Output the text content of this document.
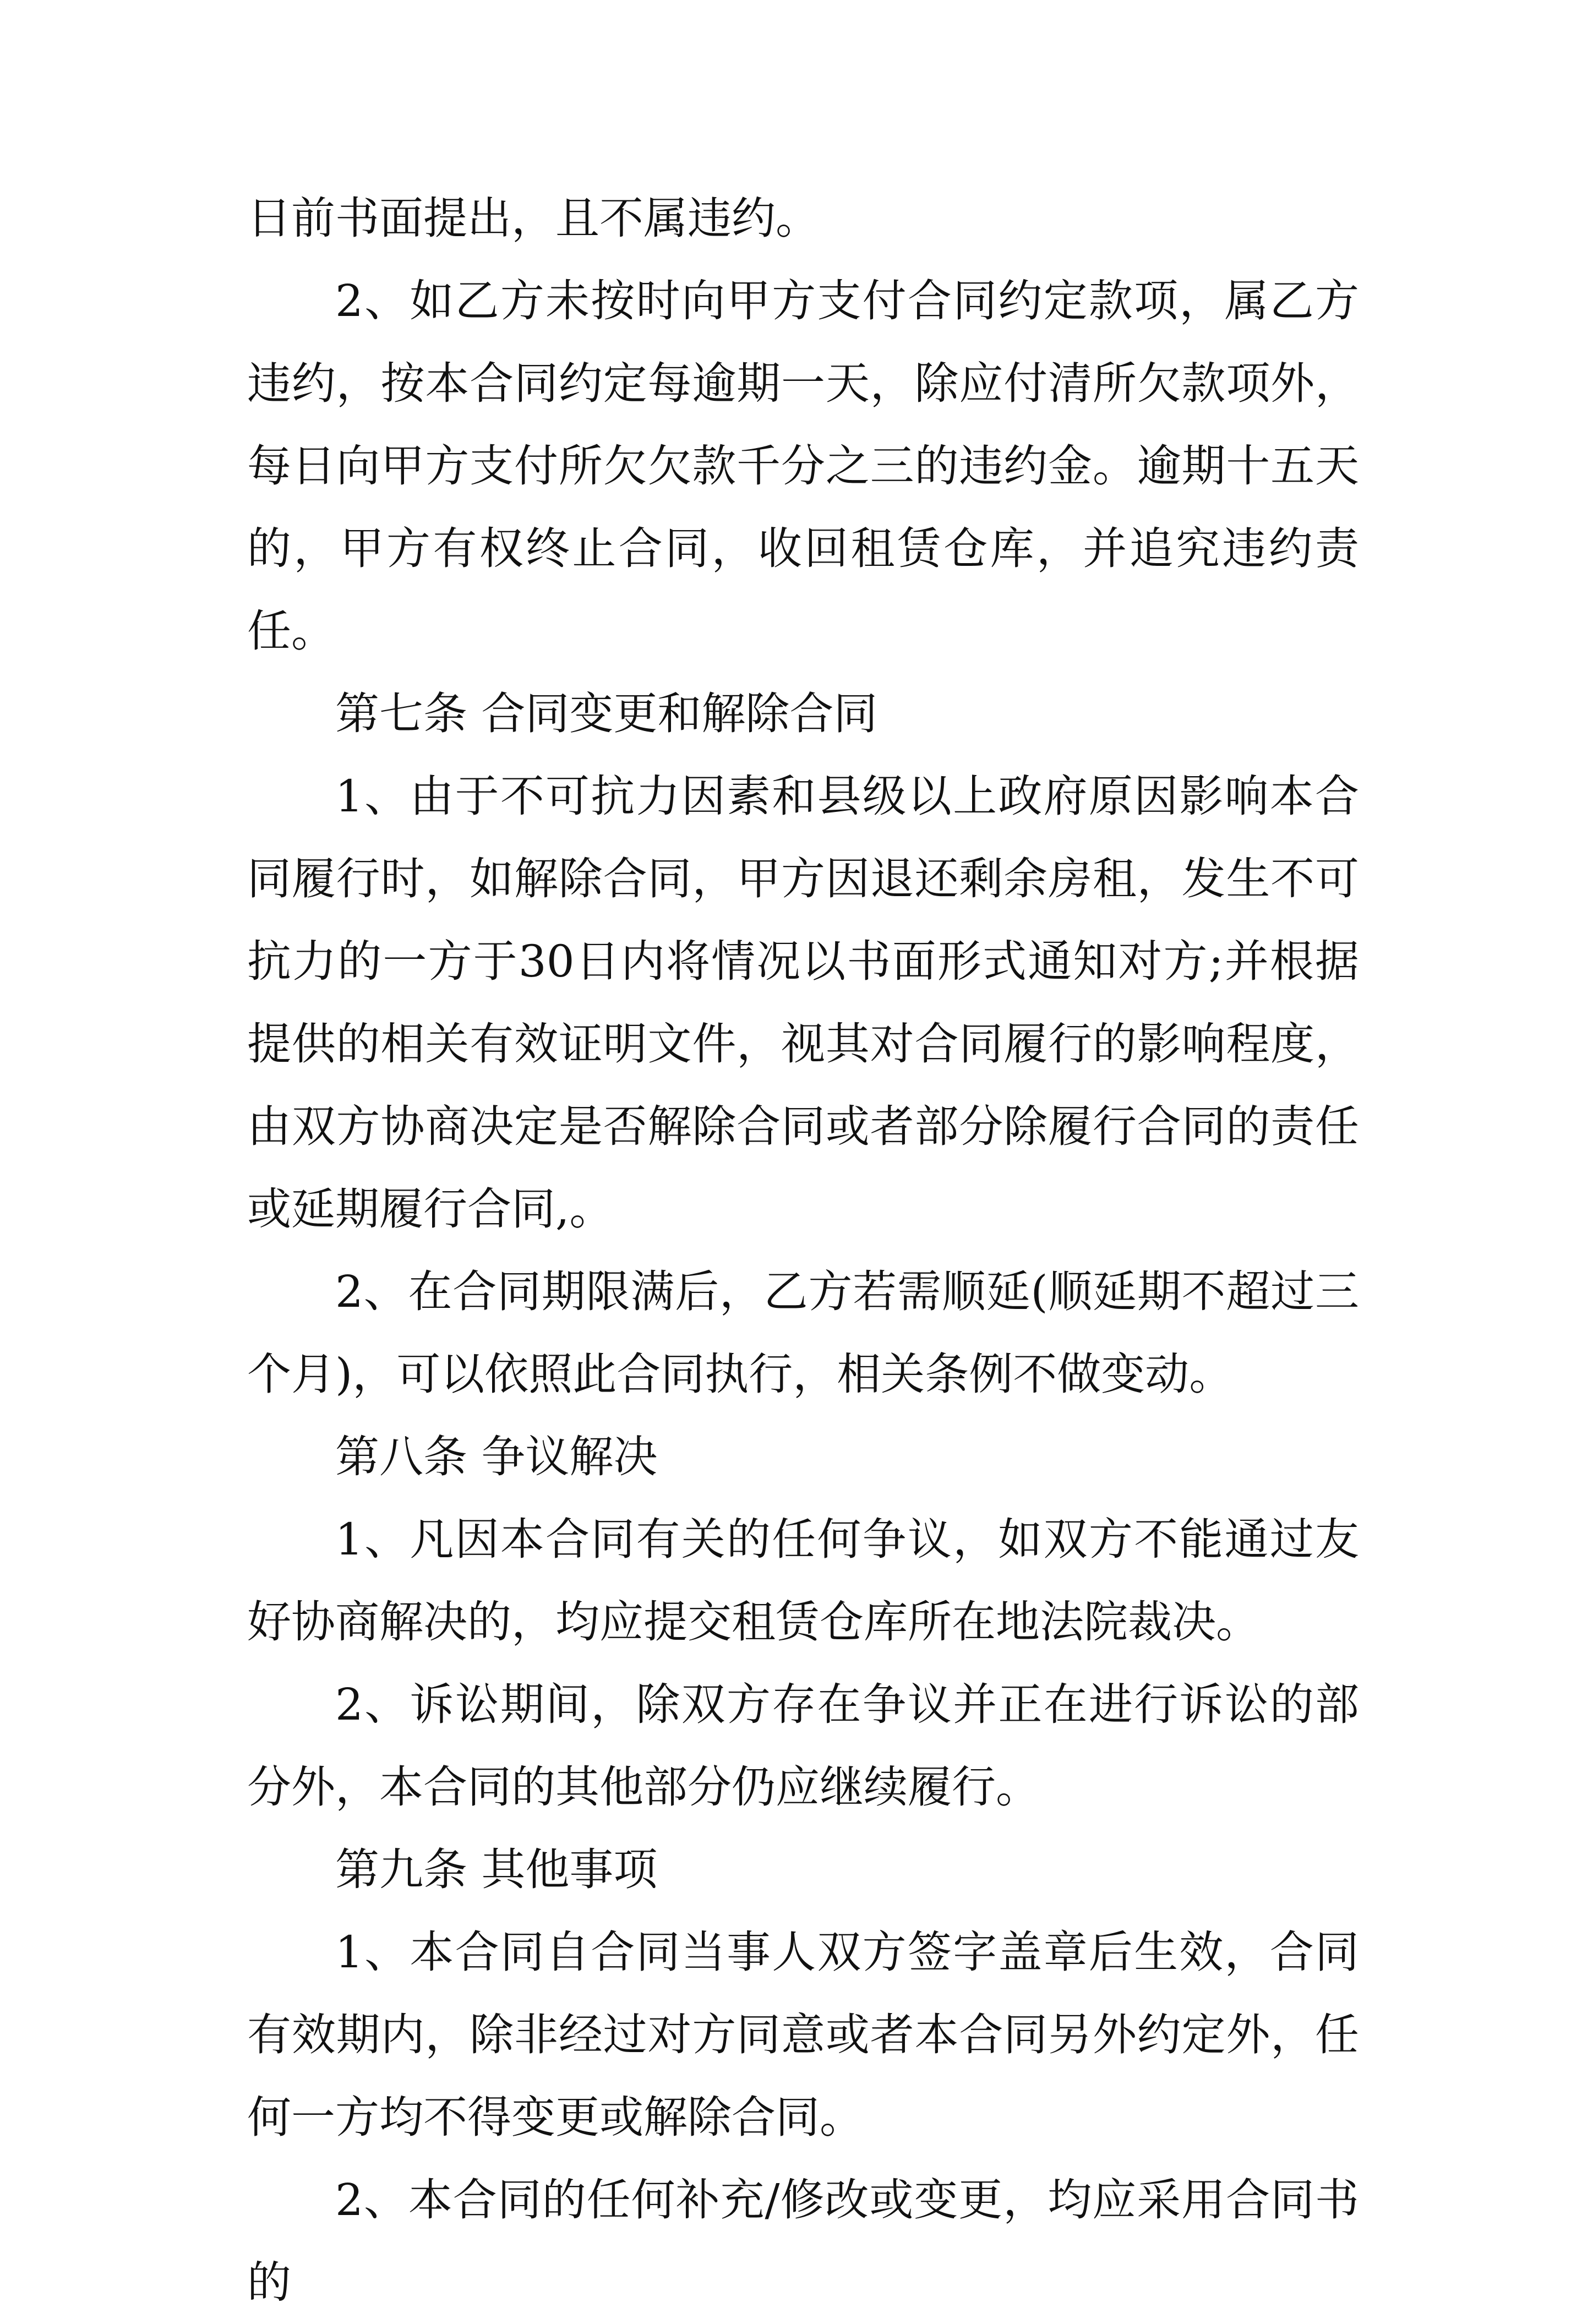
日前书面提出，且不属违约。

2、如乙方未按时向甲方支付合同约定款项，属乙方违约，按本合同约定每逾期一天，除应付清所欠款项外，每日向甲方支付所欠欠款千分之三的违约金。逾期十五天的，甲方有权终止合同，收回租赁仓库，并追究违约责任。

第七条 合同变更和解除合同

1、由于不可抗力因素和县级以上政府原因影响本合同履行时，如解除合同，甲方因退还剩余房租，发生不可抗力的一方于30日内将情况以书面形式通知对方;并根据提供的相关有效证明文件，视其对合同履行的影响程度，由双方协商决定是否解除合同或者部分除履行合同的责任或延期履行合同,。

2、在合同期限满后，乙方若需顺延(顺延期不超过三个月)，可以依照此合同执行，相关条例不做变动。

第八条 争议解决

1、凡因本合同有关的任何争议，如双方不能通过友好协商解决的，均应提交租赁仓库所在地法院裁决。

2、诉讼期间，除双方存在争议并正在进行诉讼的部分外，本合同的其他部分仍应继续履行。

第九条 其他事项

1、本合同自合同当事人双方签字盖章后生效，合同有效期内，除非经过对方同意或者本合同另外约定外，任何一方均不得变更或解除合同。

2、本合同的任何补充/修改或变更，均应采用合同书的
